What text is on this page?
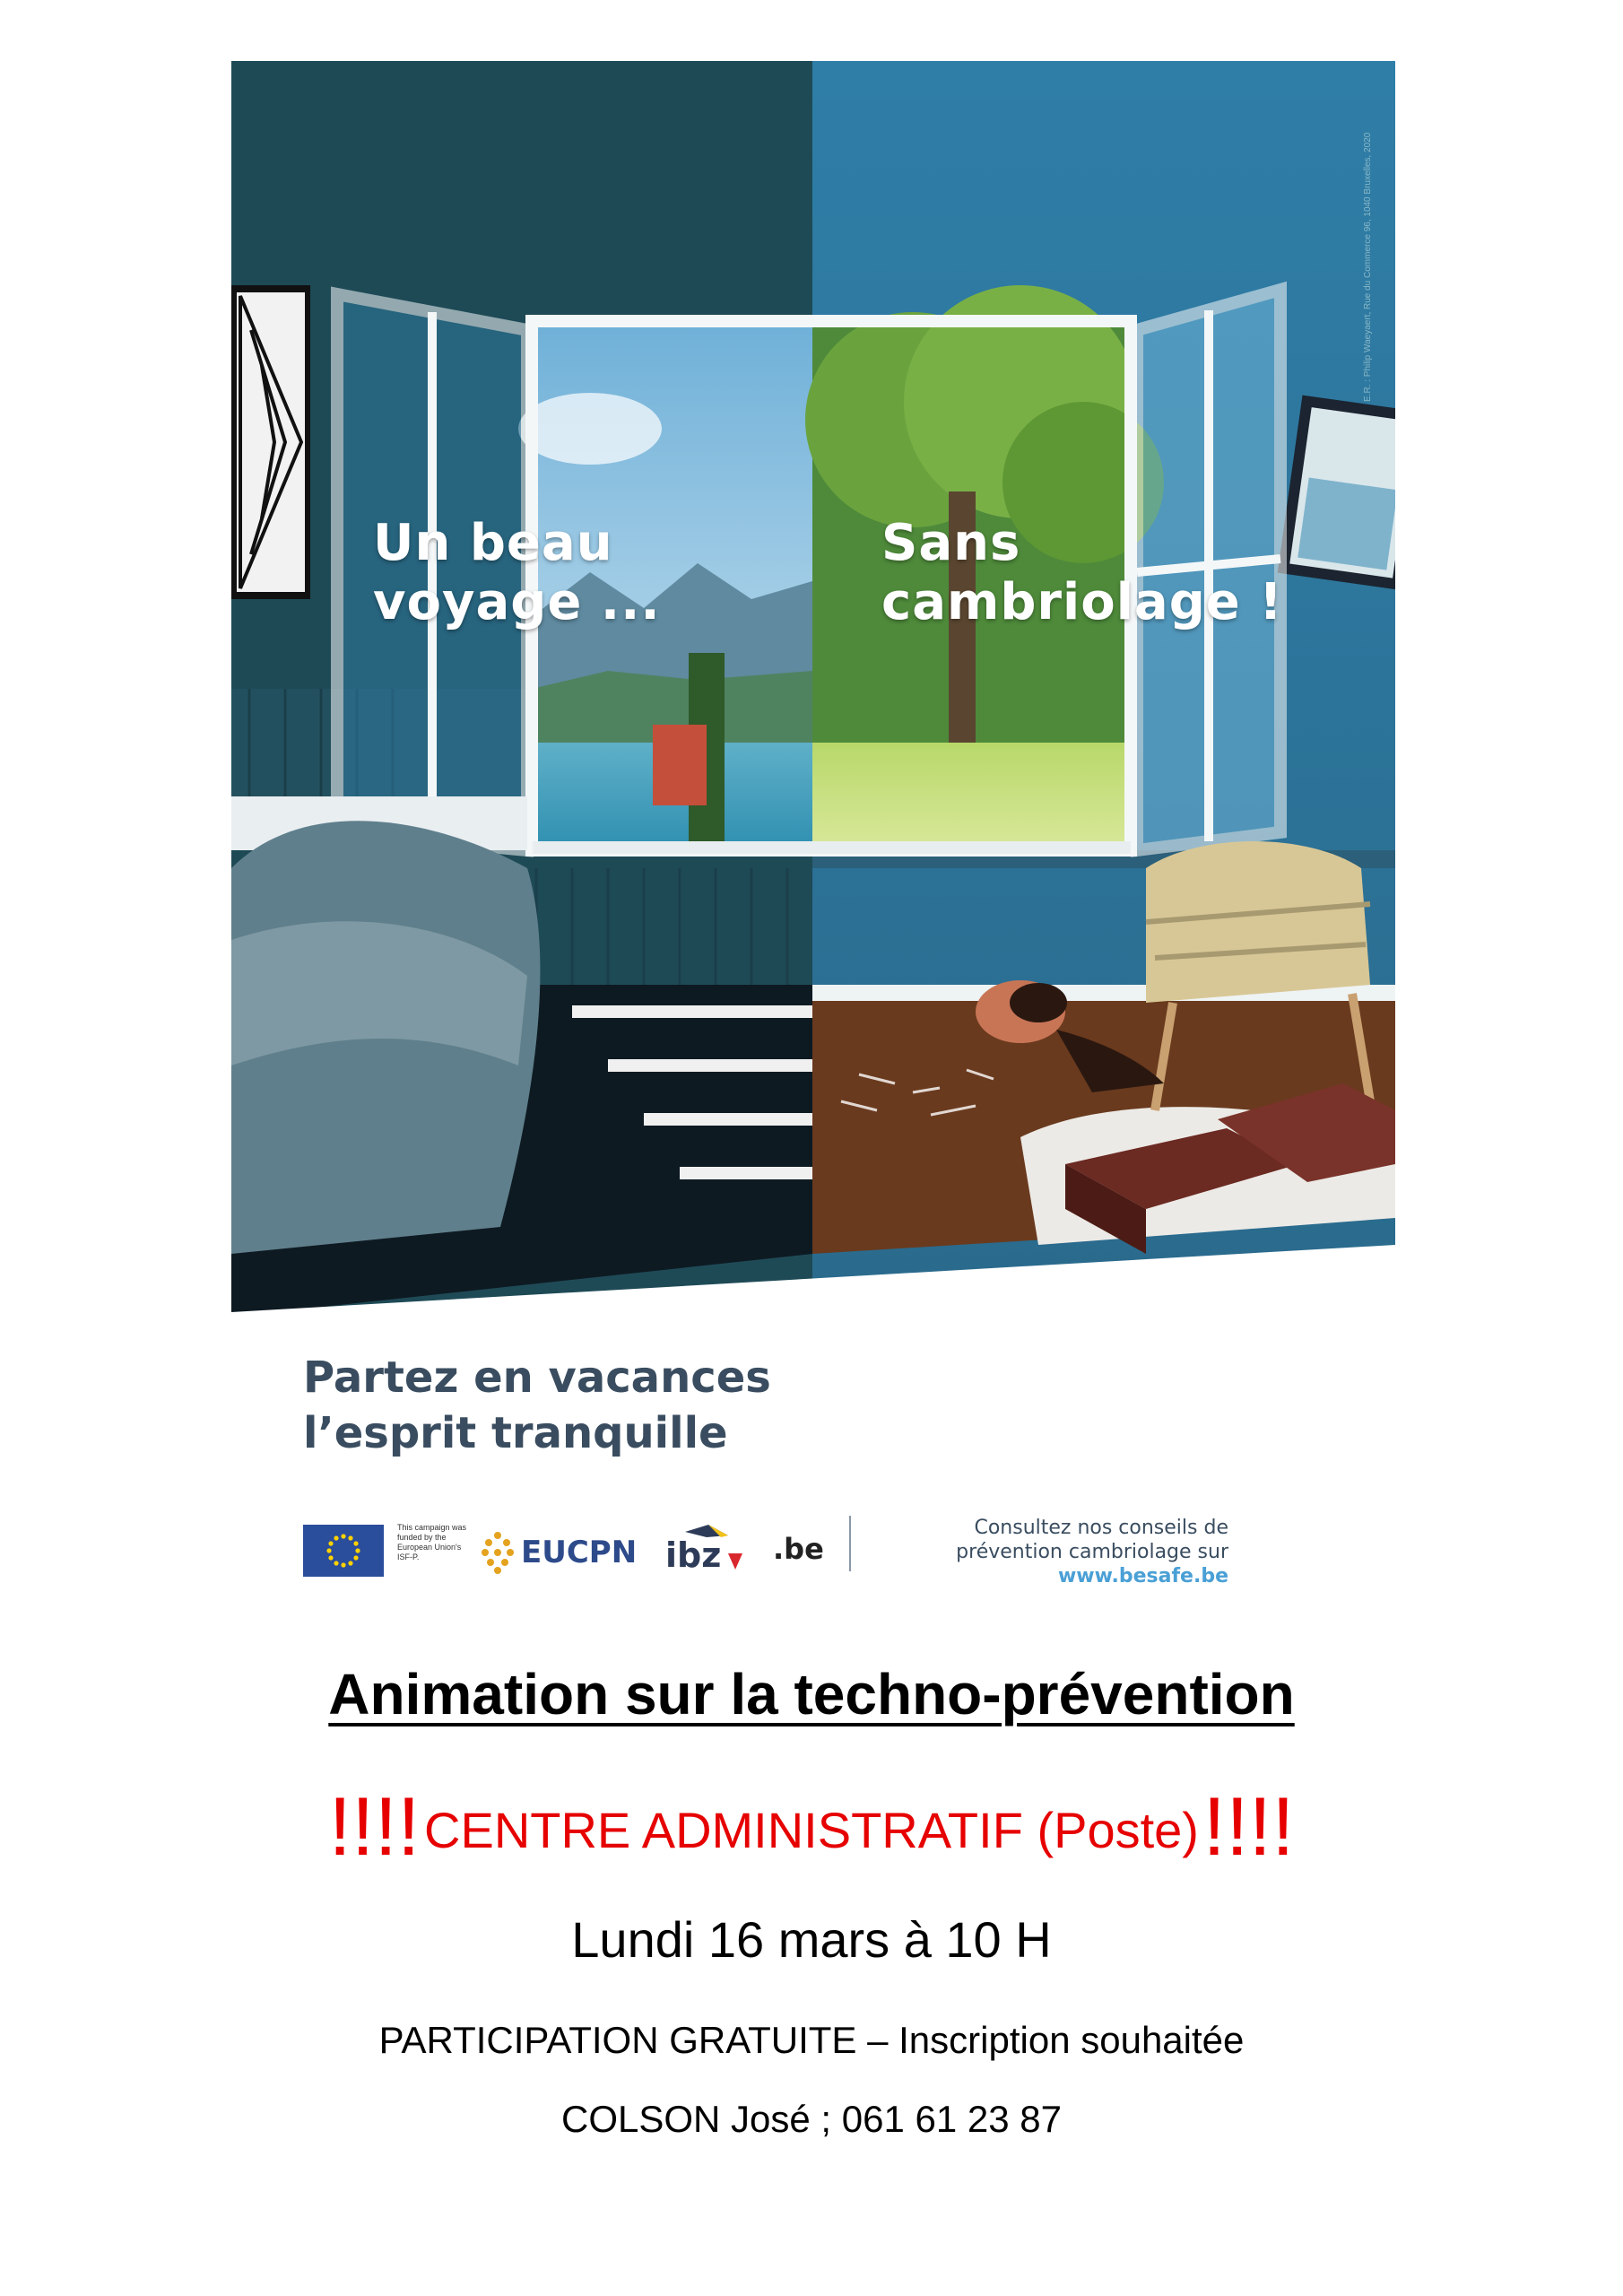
Un beau
voyage ...
Sans
cambriolage !
E.R. : Philip Waeyaert, Rue du Commerce 96, 1040 Bruxelles, 2020
Partez en vacances
l’esprit tranquille
This campaign was funded by the European Union's ISF-P.	EUCPN ibz .be
Consultez nos conseils de
prévention cambriolage sur
www.besafe.be
Animation sur la techno-prévention
!!!! CENTRE ADMINISTRATIF (Poste) !!!!
Lundi 16 mars à 10 H
PARTICIPATION GRATUITE – Inscription souhaitée
COLSON José ; 061 61 23 87
